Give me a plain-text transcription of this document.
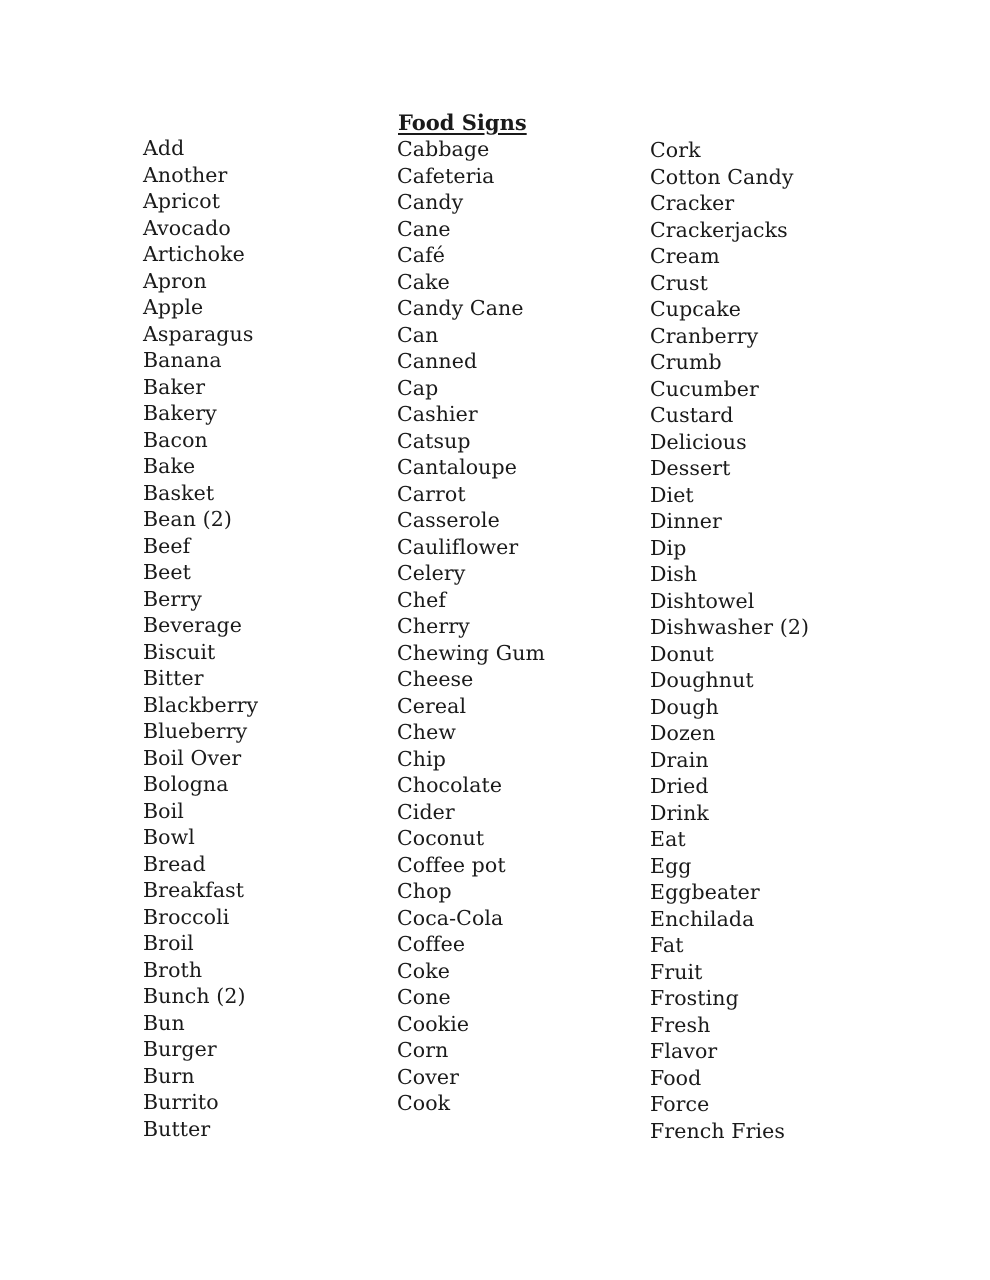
Food Signs
Add
Another
Apricot
Avocado
Artichoke
Apron
Apple
Asparagus
Banana
Baker
Bakery
Bacon
Bake
Basket
Bean (2)
Beef
Beet
Berry
Beverage
Biscuit
Bitter
Blackberry
Blueberry
Boil Over
Bologna
Boil
Bowl
Bread
Breakfast
Broccoli
Broil
Broth
Bunch (2)
Bun
Burger
Burn
Burrito
Butter
Cabbage
Cafeteria
Candy
Cane
Café
Cake
Candy Cane
Can
Canned
Cap
Cashier
Catsup
Cantaloupe
Carrot
Casserole
Cauliflower
Celery
Chef
Cherry
Chewing Gum
Cheese
Cereal
Chew
Chip
Chocolate
Cider
Coconut
Coffee pot
Chop
Coca-Cola
Coffee
Coke
Cone
Cookie
Corn
Cover
Cook
Cork
Cotton Candy
Cracker
Crackerjacks
Cream
Crust
Cupcake
Cranberry
Crumb
Cucumber
Custard
Delicious
Dessert
Diet
Dinner
Dip
Dish
Dishtowel
Dishwasher (2)
Donut
Doughnut
Dough
Dozen
Drain
Dried
Drink
Eat
Egg
Eggbeater
Enchilada
Fat
Fruit
Frosting
Fresh
Flavor
Food
Force
French Fries
